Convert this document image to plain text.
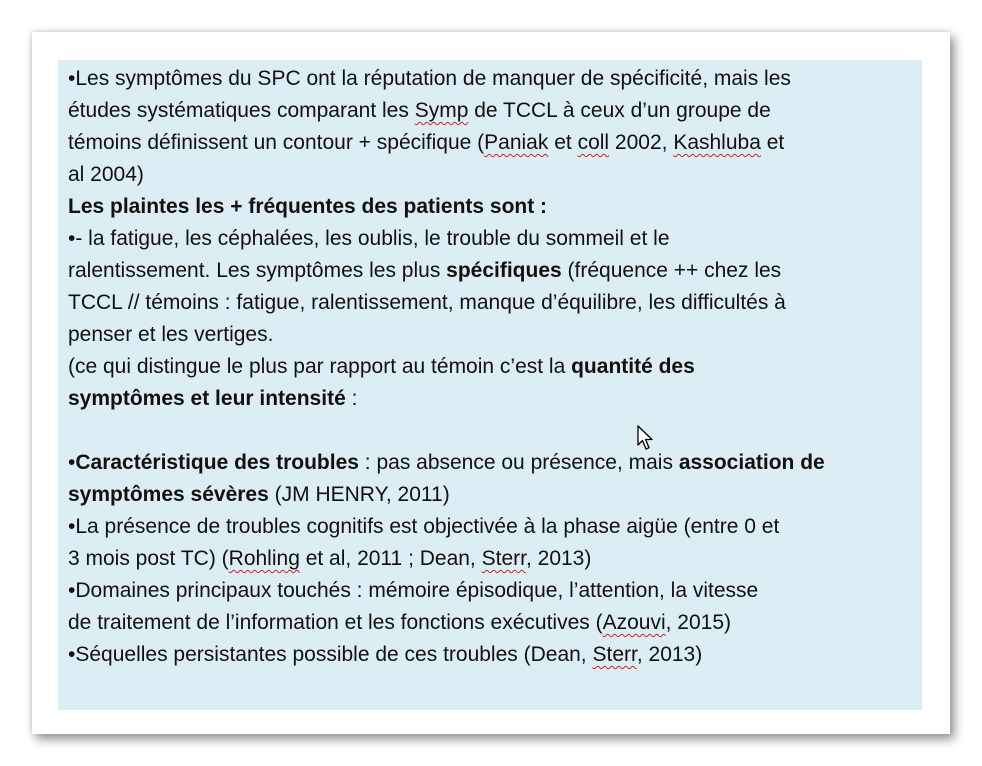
•Les symptômes du SPC ont la réputation de manquer de spécificité, mais les
études systématiques comparant les Symp de TCCL à ceux d’un groupe de
témoins définissent un contour + spécifique (Paniak et coll 2002, Kashluba et
al 2004)
Les plaintes les + fréquentes des patients sont :
•- la fatigue, les céphalées, les oublis, le trouble du sommeil et le
ralentissement. Les symptômes les plus spécifiques (fréquence ++ chez les
TCCL // témoins : fatigue, ralentissement, manque d’équilibre, les difficultés à
penser et les vertiges.
(ce qui distingue le plus par rapport au témoin c’est la quantité des
symptômes et leur intensité :
•Caractéristique des troubles : pas absence ou présence, mais association de
symptômes sévères (JM HENRY, 2011)
•La présence de troubles cognitifs est objectivée à la phase aigüe (entre 0 et
3 mois post TC) (Rohling et al, 2011 ; Dean, Sterr, 2013)
•Domaines principaux touchés : mémoire épisodique, l’attention, la vitesse
de traitement de l’information et les fonctions exécutives (Azouvi, 2015)
•Séquelles persistantes possible de ces troubles (Dean, Sterr, 2013)
